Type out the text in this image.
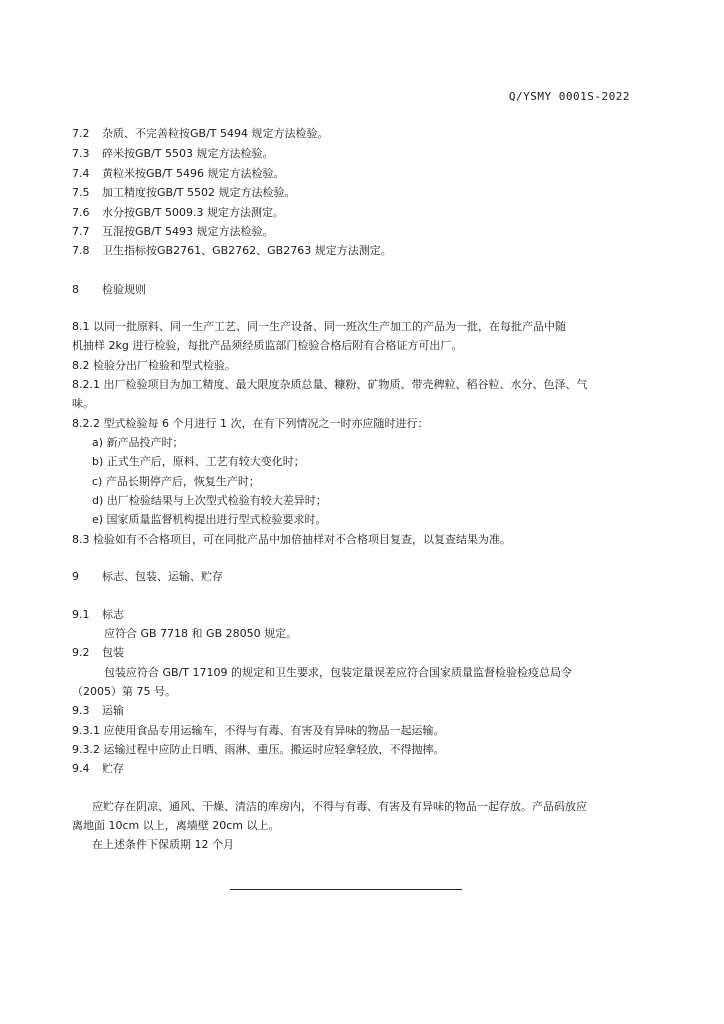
Q/YSMY 0001S-2022
7.2 杂质、不完善粒按GB/T 5494 规定方法检验。
7.3 碎米按GB/T 5503 规定方法检验。
7.4 黄粒米按GB/T 5496 规定方法检验。
7.5 加工精度按GB/T 5502 规定方法检验。
7.6 水分按GB/T 5009.3 规定方法测定。
7.7 互混按GB/T 5493 规定方法检验。
7.8 卫生指标按GB2761、GB2762、GB2763 规定方法测定。
8 检验规则
8.1 以同一批原料、同一生产工艺、同一生产设备、同一班次生产加工的产品为一批，在每批产品中随
机抽样 2kg 进行检验，每批产品须经质监部门检验合格后附有合格证方可出厂。
8.2 检验分出厂检验和型式检验。
8.2.1 出厂检验项目为加工精度、最大限度杂质总量、糠粉、矿物质、带壳稗粒、稻谷粒、水分、色泽、气
味。
8.2.2 型式检验每 6 个月进行 1 次，在有下列情况之一时亦应随时进行：
a) 新产品投产时；
b) 正式生产后，原料、工艺有较大变化时；
c) 产品长期停产后，恢复生产时；
d) 出厂检验结果与上次型式检验有较大差异时；
e) 国家质量监督机构提出进行型式检验要求时。
8.3 检验如有不合格项目，可在同批产品中加倍抽样对不合格项目复查，以复查结果为准。
9 标志、包装、运输、贮存
9.1 标志
应符合 GB 7718 和 GB 28050 规定。
9.2 包装
包装应符合 GB/T 17109 的规定和卫生要求，包装定量误差应符合国家质量监督检验检疫总局令
（2005）第 75 号。
9.3 运输
9.3.1 应使用食品专用运输车，不得与有毒、有害及有异味的物品一起运输。
9.3.2 运输过程中应防止日晒、雨淋、重压。搬运时应轻拿轻放，不得抛摔。
9.4 贮存
应贮存在阴凉、通风、干燥、清洁的库房内，不得与有毒、有害及有异味的物品一起存放。产品码放应
离地面 10cm 以上，离墙壁 20cm 以上。
在上述条件下保质期 12 个月
